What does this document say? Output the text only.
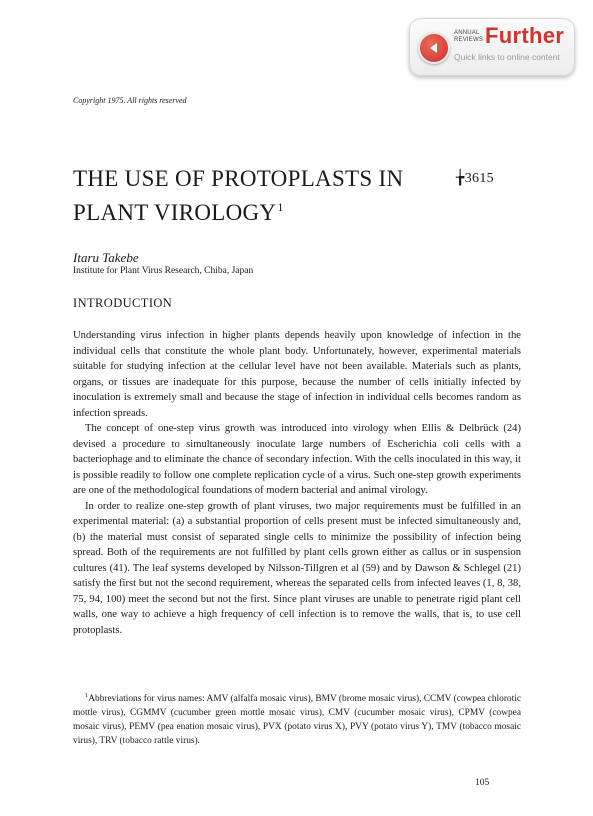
ANNUAL
REVIEWS Further
Quick links to online content
Copyright 1975. All rights reserved
THE USE OF PROTOPLASTS IN
PLANT VIROLOGY$^1$
╆3615
Itaru Takebe
Institute for Plant Virus Research, Chiba, Japan
INTRODUCTION

Understanding virus infection in higher plants depends heavily upon knowledge of infection in the individual cells that constitute the whole plant body. Unfortunately, however, experimental materials suitable for studying infection at the cellular level have not been available. Materials such as plants, organs, or tissues are inadequate for this purpose, because the number of cells initially infected by inoculation is extremely small and because the stage of infection in individual cells becomes random as infection spreads.

The concept of one-step virus growth was introduced into virology when Ellis & Delbrück (24) devised a procedure to simultaneously inoculate large numbers of Escherichia coli cells with a bacteriophage and to eliminate the chance of secondary infection. With the cells inoculated in this way, it is possible readily to follow one complete replication cycle of a virus. Such one-step growth experiments are one of the methodological foundations of modern bacterial and animal virology.

In order to realize one-step growth of plant viruses, two major requirements must be fulfilled in an experimental material: (a) a substantial proportion of cells present must be infected simultaneously and, (b) the material must consist of separated single cells to minimize the possibility of infection being spread. Both of the requirements are not fulfilled by plant cells grown either as callus or in suspension cultures (41). The leaf systems developed by Nilsson-Tillgren et al (59) and by Dawson & Schlegel (21) satisfy the first but not the second requirement, whereas the separated cells from infected leaves (1, 8, 38, 75, 94, 100) meet the second but not the first. Since plant viruses are unable to penetrate rigid plant cell walls, one way to achieve a high frequency of cell infection is to remove the walls, that is, to use cell protoplasts.

$^1$Abbreviations for virus names: AMV (alfalfa mosaic virus), BMV (brome mosaic virus), CCMV (cowpea chlorotic mottle virus), CGMMV (cucumber green mottle mosaic virus), CMV (cucumber mosaic virus), CPMV (cowpea mosaic virus), PEMV (pea enation mosaic virus), PVX (potato virus X), PVY (potato virus Y), TMV (tobacco mosaic virus), TRV (tobacco rattle virus).
105
